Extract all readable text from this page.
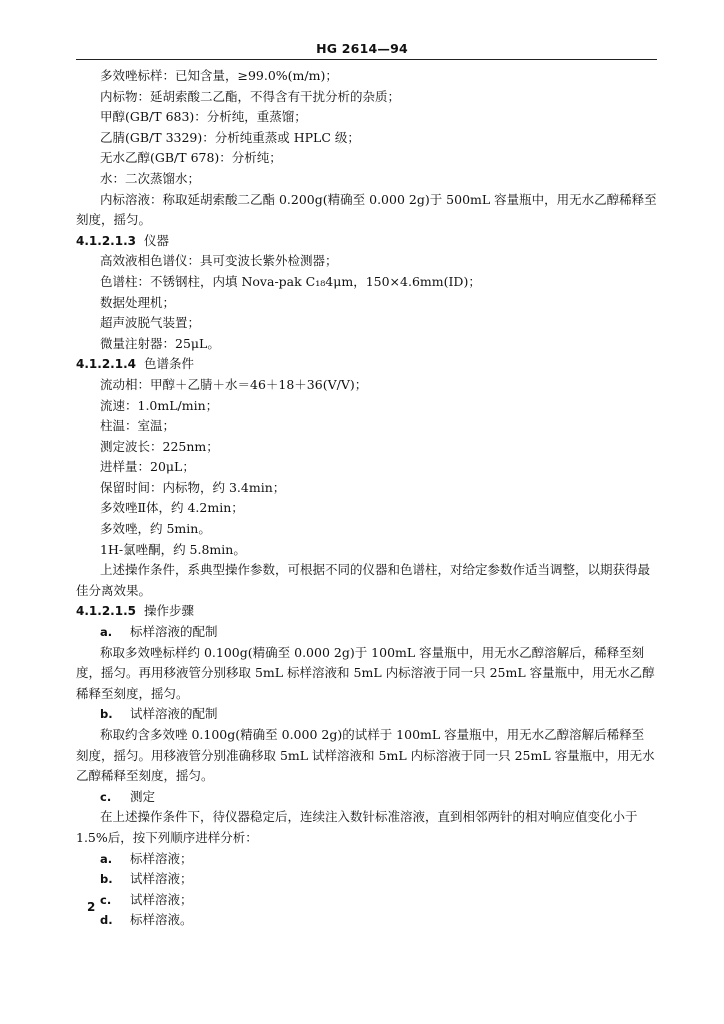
HG 2614—94
多效唑标样：已知含量，≥99.0%(m/m)；
内标物：延胡索酸二乙酯，不得含有干扰分析的杂质；
甲醇(GB/T 683)：分析纯，重蒸馏；
乙腈(GB/T 3329)：分析纯重蒸或 HPLC 级；
无水乙醇(GB/T 678)：分析纯；
水：二次蒸馏水；
内标溶液：称取延胡索酸二乙酯 0.200g(精确至 0.000 2g)于 500mL 容量瓶中，用无水乙醇稀释至
刻度，摇匀。
4.1.2.1.3 仪器
高效液相色谱仪：具可变波长紫外检测器；
色谱柱：不锈钢柱，内填 Nova-pak C₁₈4μm，150×4.6mm(ID)；
数据处理机；
超声波脱气装置；
微量注射器：25μL。
4.1.2.1.4 色谱条件
流动相：甲醇＋乙腈＋水＝46＋18＋36(V/V)；
流速：1.0mL/min；
柱温：室温；
测定波长：225nm；
进样量：20μL；
保留时间：内标物，约 3.4min；
多效唑Ⅱ体，约 4.2min；
多效唑，约 5min。
1H-氯唑酮，约 5.8min。
上述操作条件，系典型操作参数，可根据不同的仪器和色谱柱，对给定参数作适当调整，以期获得最
佳分离效果。
4.1.2.1.5 操作步骤
a. 标样溶液的配制
称取多效唑标样约 0.100g(精确至 0.000 2g)于 100mL 容量瓶中，用无水乙醇溶解后，稀释至刻
度，摇匀。再用移液管分别移取 5mL 标样溶液和 5mL 内标溶液于同一只 25mL 容量瓶中，用无水乙醇
稀释至刻度，摇匀。
b. 试样溶液的配制
称取约含多效唑 0.100g(精确至 0.000 2g)的试样于 100mL 容量瓶中，用无水乙醇溶解后稀释至
刻度，摇匀。用移液管分别准确移取 5mL 试样溶液和 5mL 内标溶液于同一只 25mL 容量瓶中，用无水
乙醇稀释至刻度，摇匀。
c. 测定
在上述操作条件下，待仪器稳定后，连续注入数针标准溶液，直到相邻两针的相对响应值变化小于
1.5%后，按下列顺序进样分析：
a. 标样溶液；
b. 试样溶液；
c. 试样溶液；
d. 标样溶液。
2
